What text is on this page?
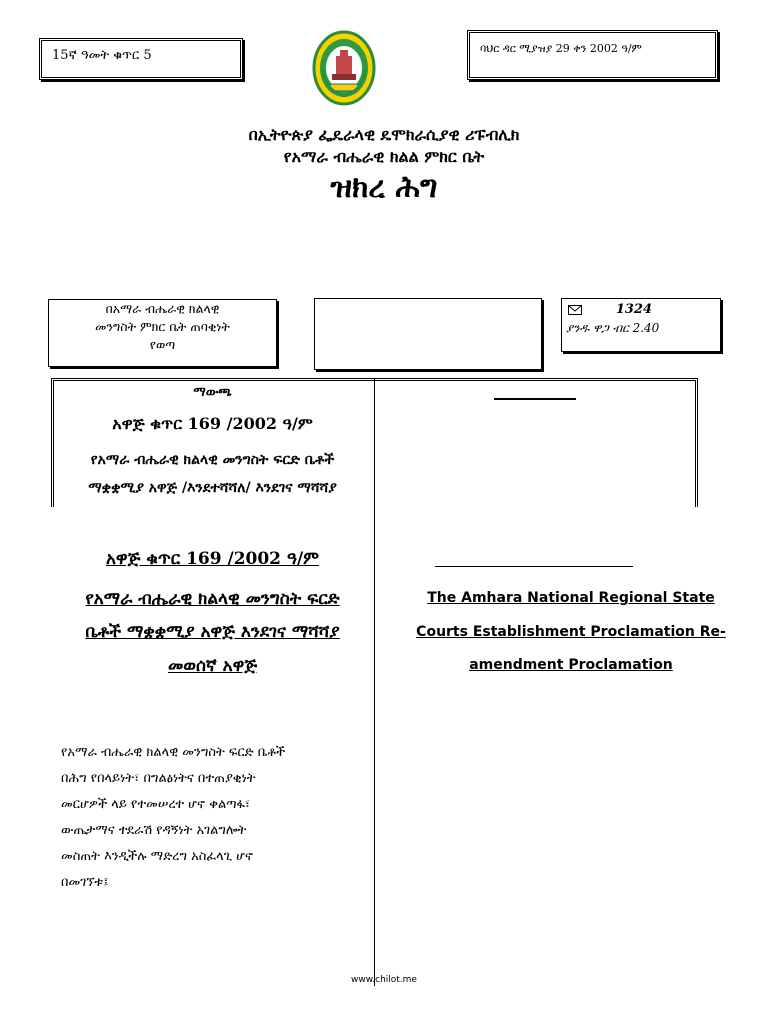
15ኛ ዓመት ቁጥር 5	ባህር ዳር ሚያዝያ 29 ቀን 2002 ዓ/ም
በኢትዮጵያ ፌዴራላዊ ዴሞክራሲያዊ ሪፑብሊክ
የአማራ ብሔራዊ ክልል ምክር ቤት
ዝክረ ሕግ
በአማራ ብሔራዊ ክልላዊ
መንግስት ምክር ቤት ጠባቂነት
የወጣ
1324
ያንዱ ዋጋ ብር 2.40
ማውጫ
አዋጅ ቁጥር 169 /2002 ዓ/ም
የአማራ ብሔራዊ ክልላዊ መንግስት ፍርድ ቤቶች
ማቋቋሚያ አዋጅ /እንደተሻሻለ/ እንደገና ማሻሻያ
አዋጅ ቁጥር 169 /2002 ዓ/ም
የአማራ ብሔራዊ ክልላዊ መንግስት ፍርድ
ቤቶች ማቋቋሚያ አዋጅ እንደገና ማሻሻያ
መወሰኛ አዋጅ
The Amhara National Regional State
Courts Establishment Proclamation Re-
amendment Proclamation
የአማራ ብሔራዊ ክልላዊ መንግስት ፍርድ ቤቶች
በሕግ የበላይነት፣ በግልፅነትና በተጠያቂነት
መርሆዎች ላይ የተመሠረተ ሆኖ ቀልጣፋ፣
ውጤታማና ተደራሽ የዳኝነት አገልግሎት
መስጠት እንዲችሉ ማድረግ አስፈላጊ ሆኖ
በመገኘቱ፤
www.chilot.me
